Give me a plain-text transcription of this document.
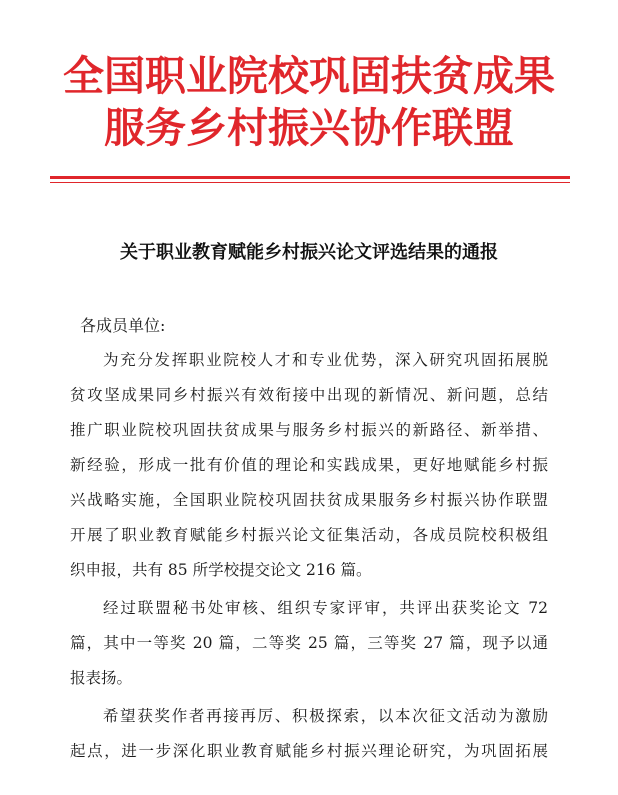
全国职业院校巩固扶贫成果
服务乡村振兴协作联盟
关于职业教育赋能乡村振兴论文评选结果的通报
各成员单位:
为充分发挥职业院校人才和专业优势，深入研究巩固拓展脱
贫攻坚成果同乡村振兴有效衔接中出现的新情况、新问题，总结
推广职业院校巩固扶贫成果与服务乡村振兴的新路径、新举措、
新经验，形成一批有价值的理论和实践成果，更好地赋能乡村振
兴战略实施，全国职业院校巩固扶贫成果服务乡村振兴协作联盟
开展了职业教育赋能乡村振兴论文征集活动，各成员院校积极组
织申报，共有 85 所学校提交论文 216 篇。
经过联盟秘书处审核、组织专家评审，共评出获奖论文 72
篇，其中一等奖 20 篇，二等奖 25 篇，三等奖 27 篇，现予以通
报表扬。
希望获奖作者再接再厉、积极探索，以本次征文活动为激励
起点，进一步深化职业教育赋能乡村振兴理论研究，为巩固拓展
